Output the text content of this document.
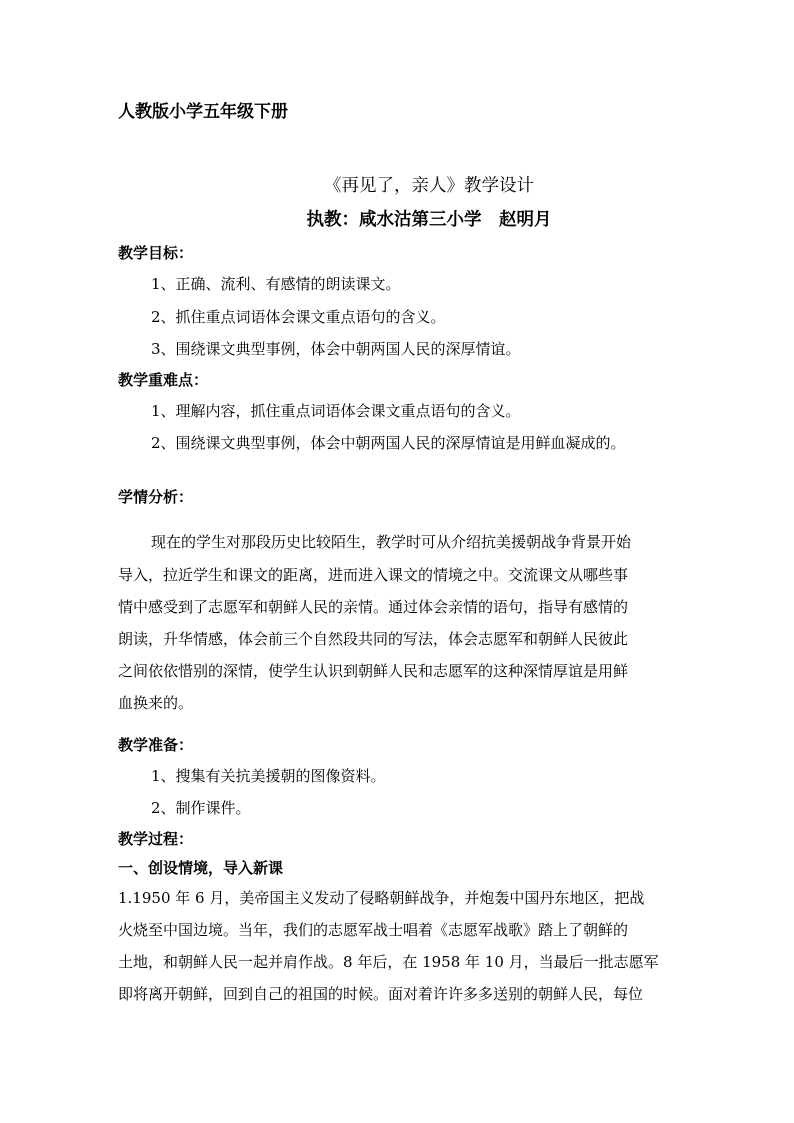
人教版小学五年级下册
《再见了，亲人》教学设计
执教：咸水沽第三小学　赵明月
教学目标：
1、正确、流利、有感情的朗读课文。
2、抓住重点词语体会课文重点语句的含义。
3、围绕课文典型事例，体会中朝两国人民的深厚情谊。
教学重难点：
1、理解内容，抓住重点词语体会课文重点语句的含义。
2、围绕课文典型事例，体会中朝两国人民的深厚情谊是用鲜血凝成的。
学情分析：
现在的学生对那段历史比较陌生，教学时可从介绍抗美援朝战争背景开始
导入，拉近学生和课文的距离，进而进入课文的情境之中。交流课文从哪些事
情中感受到了志愿军和朝鲜人民的亲情。通过体会亲情的语句，指导有感情的
朗读，升华情感，体会前三个自然段共同的写法，体会志愿军和朝鲜人民彼此
之间依依惜别的深情，使学生认识到朝鲜人民和志愿军的这种深情厚谊是用鲜
血换来的。
教学准备：
1、搜集有关抗美援朝的图像资料。
2、制作课件。
教学过程：
一、创设情境，导入新课
1.1950 年 6 月，美帝国主义发动了侵略朝鲜战争，并炮轰中国丹东地区，把战
火烧至中国边境。当年，我们的志愿军战士唱着《志愿军战歌》踏上了朝鲜的
土地，和朝鲜人民一起并肩作战。8 年后，在 1958 年 10 月，当最后一批志愿军
即将离开朝鲜，回到自己的祖国的时候。面对着许许多多送别的朝鲜人民，每位
